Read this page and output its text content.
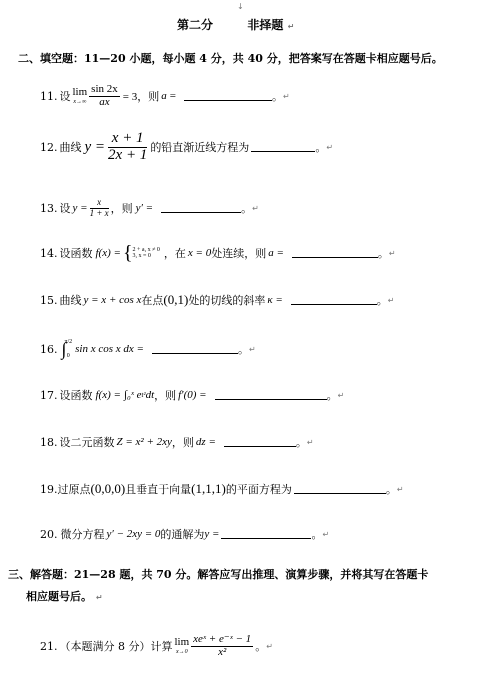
↓
第二分	非择题 ↵
二、填空题：11—20 小题，每小题 4 分，共 40 分，把答案写在答题卡相应题号后。
11. 设 lim
$x\to\infty \frac{\sin 2x}{ax} = 3$，则 a =	。 ↵
12. 曲线 $y = \frac{x + 1}{2x + 1}$ 的铅直渐近线方程为	。 ↵
13. 设 $y = \frac{x}{1 + x}$ ，则 y′ =	。 ↵
14. 设函数 f(x) = { 2 + a, x ≠ 0
3, x = 0	，在 x = 0 处连续，则 a =	。 ↵
15. 曲线 y = x + cos x 在点 (0,1) 处的切线的斜率 κ =	。 ↵
16. ∫
π/2
0
sin x cos x dx =	。 ↵
17. 设函数 f(x) = ∫₀ˣ e t² dt ，则 f′(0) =	。 ↵
18. 设二元函数 Z = x² + 2xy ，则 dz =	。 ↵
19. 过原点 (0,0,0) 且垂直于向量 (1,1,1) 的平面方程为	。 ↵
20. 微分方程 y′ − 2xy = 0 的通解为 y =	。 ↵
三、解答题：21—28 题，共 70 分。解答应写出推理、演算步骤，并将其写在答题卡
相应题号后。 ↵
21. （本题满分 8 分）计算 lim
$x\to 0 \frac{\text{xeˣ + e⁻ˣ − 1}}{\text{x²}}$ 。 ↵
